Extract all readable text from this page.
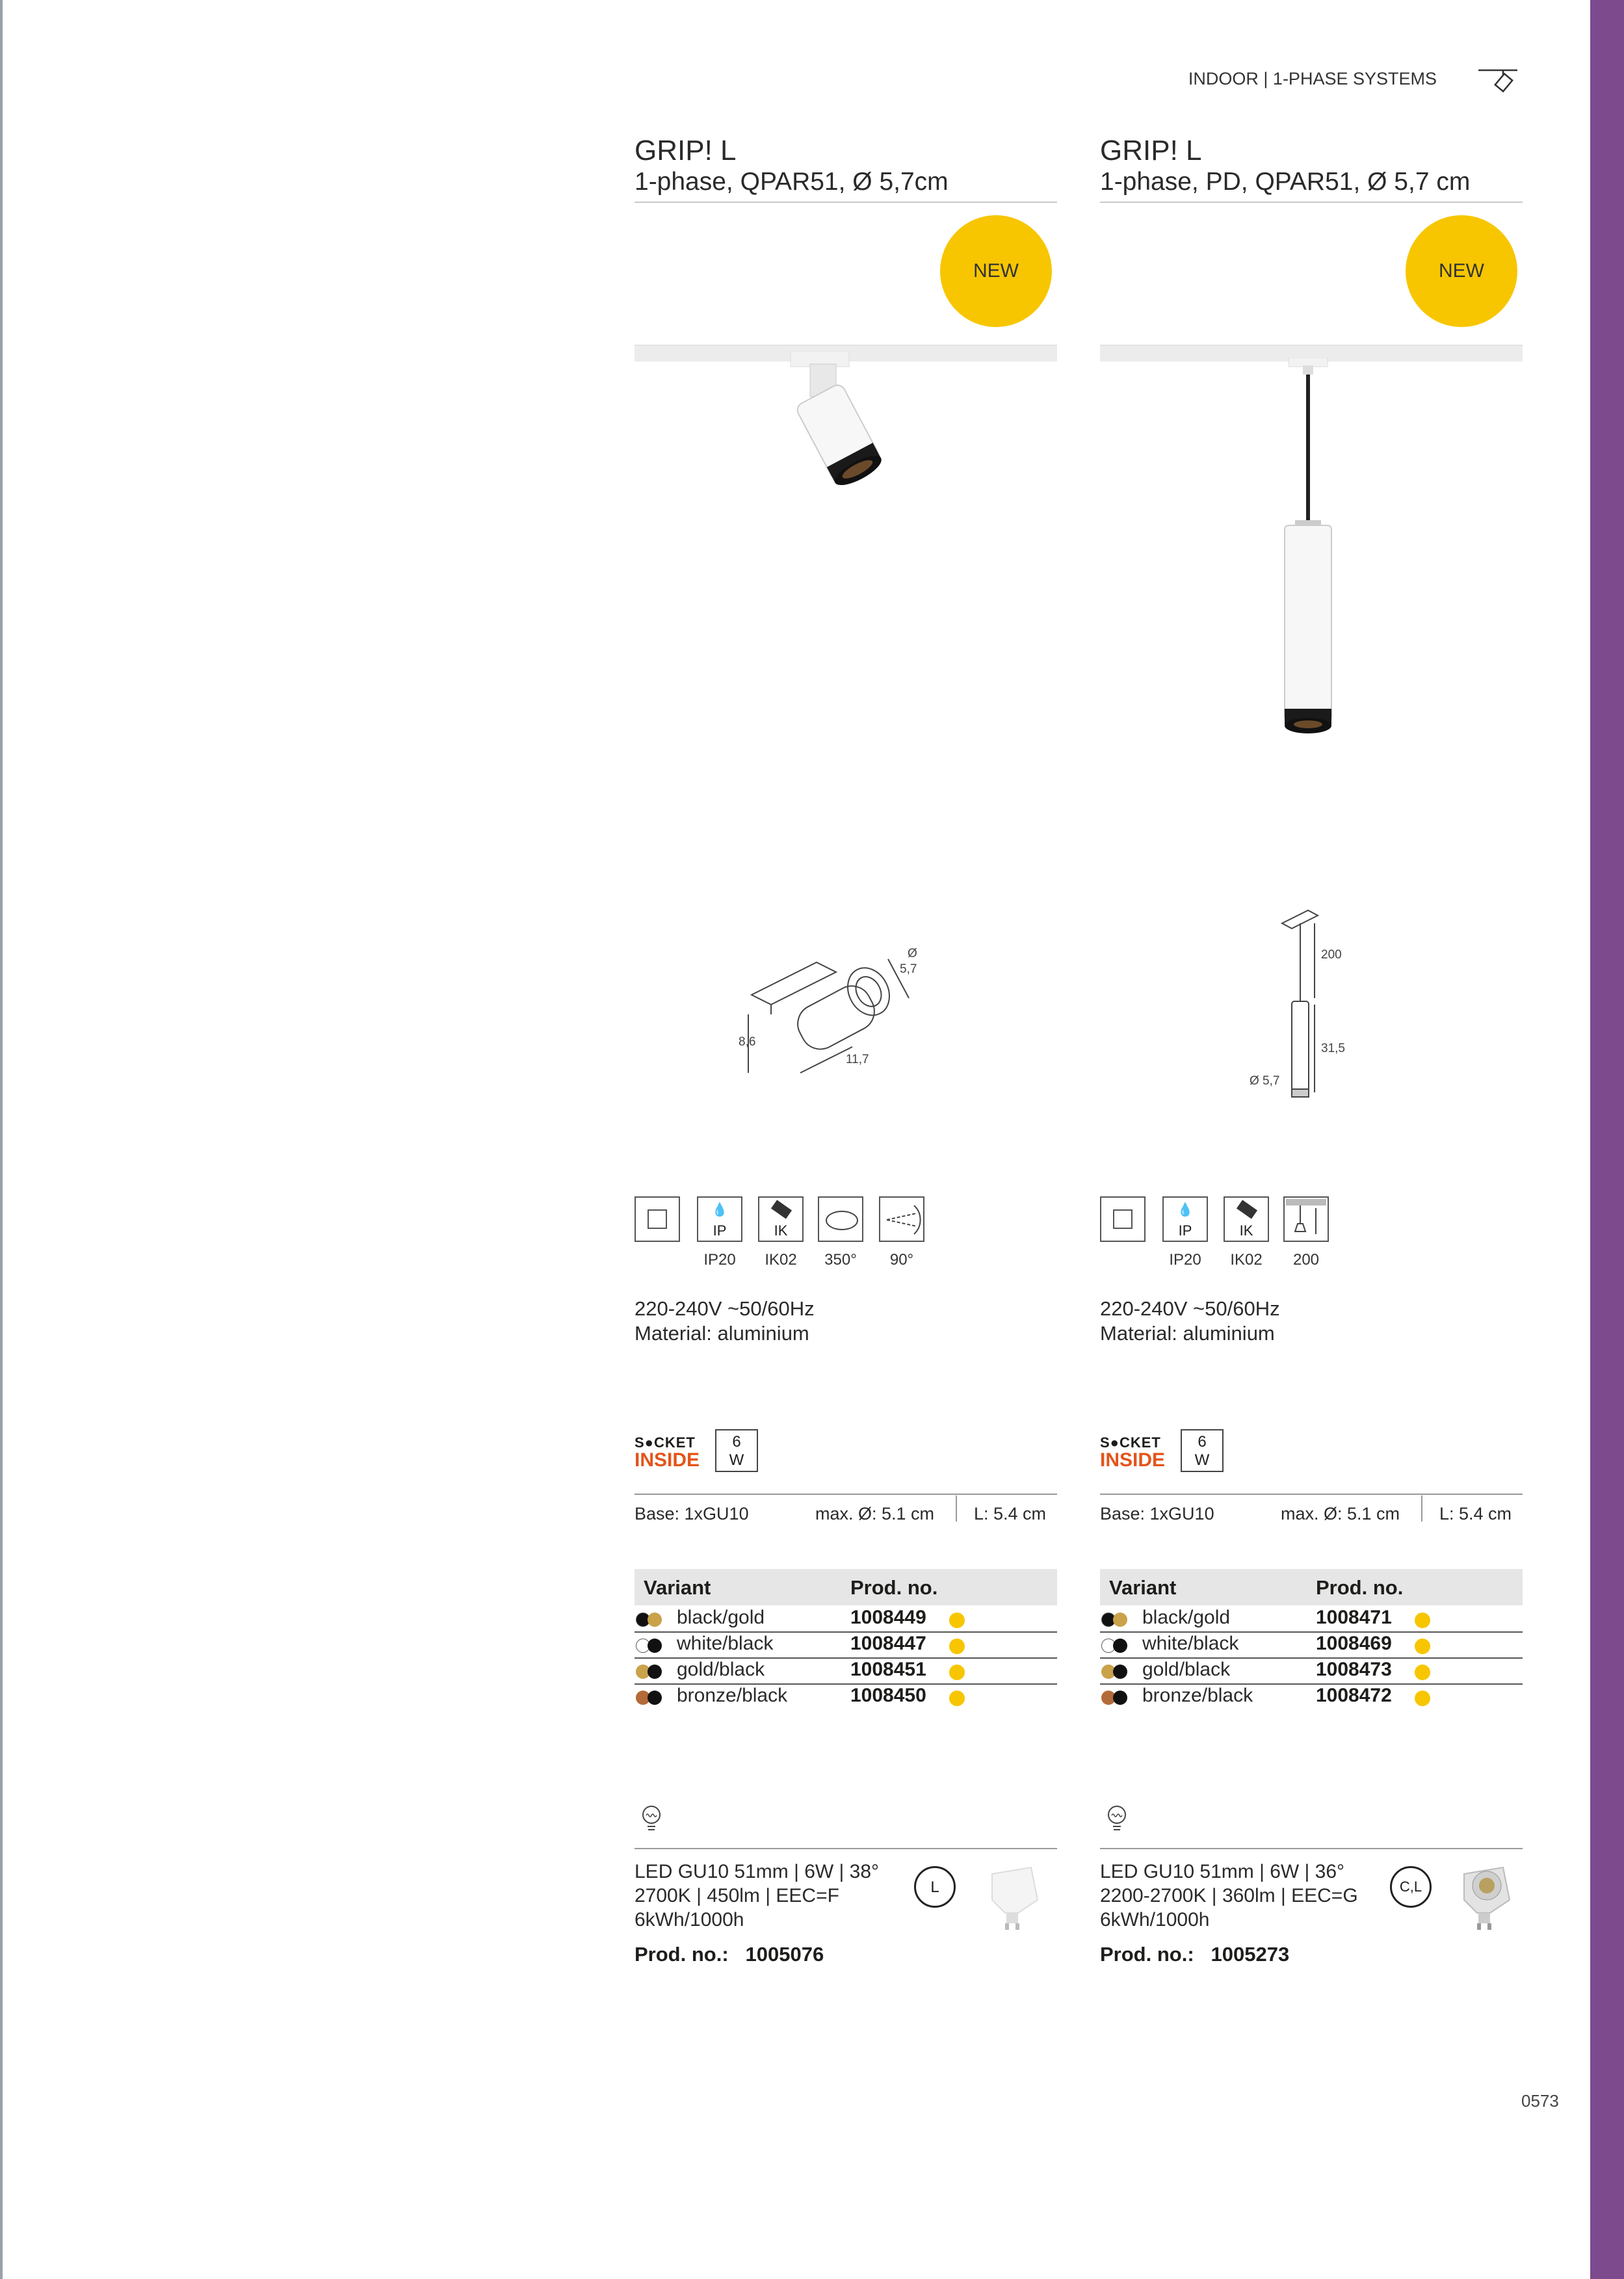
INDOOR | 1-PHASE SYSTEMS
GRIP! L
1-phase, QPAR51, Ø 5,7cm
NEW
Ø
5,7
8,6
11,7
💧
IP
IP20
IK
IK02	350°	90°
220-240V ~50/60Hz
Material: aluminium
S●CKET
INSIDE
6
W
Base: 1xGU10	max. Ø: 5.1 cm L: 5.4 cm
Variant	Prod. no.
black/gold	1008449
white/black	1008447
gold/black	1008451
bronze/black	1008450
LED GU10 51mm | 6W | 38°
2700K | 450lm | EEC=F
6kWh/1000h
L
Prod. no.: 1005076
GRIP! L
1-phase, PD, QPAR51, Ø 5,7 cm
NEW
200
31,5
Ø 5,7
💧
IP
IP20
IK
IK02	200
220-240V ~50/60Hz
Material: aluminium
S●CKET
INSIDE
6
W
Base: 1xGU10	max. Ø: 5.1 cm L: 5.4 cm
Variant	Prod. no.
black/gold	1008471
white/black	1008469
gold/black	1008473
bronze/black	1008472
LED GU10 51mm | 6W | 36°
2200-2700K | 360lm | EEC=G
6kWh/1000h
C,L
Prod. no.: 1005273
0573
